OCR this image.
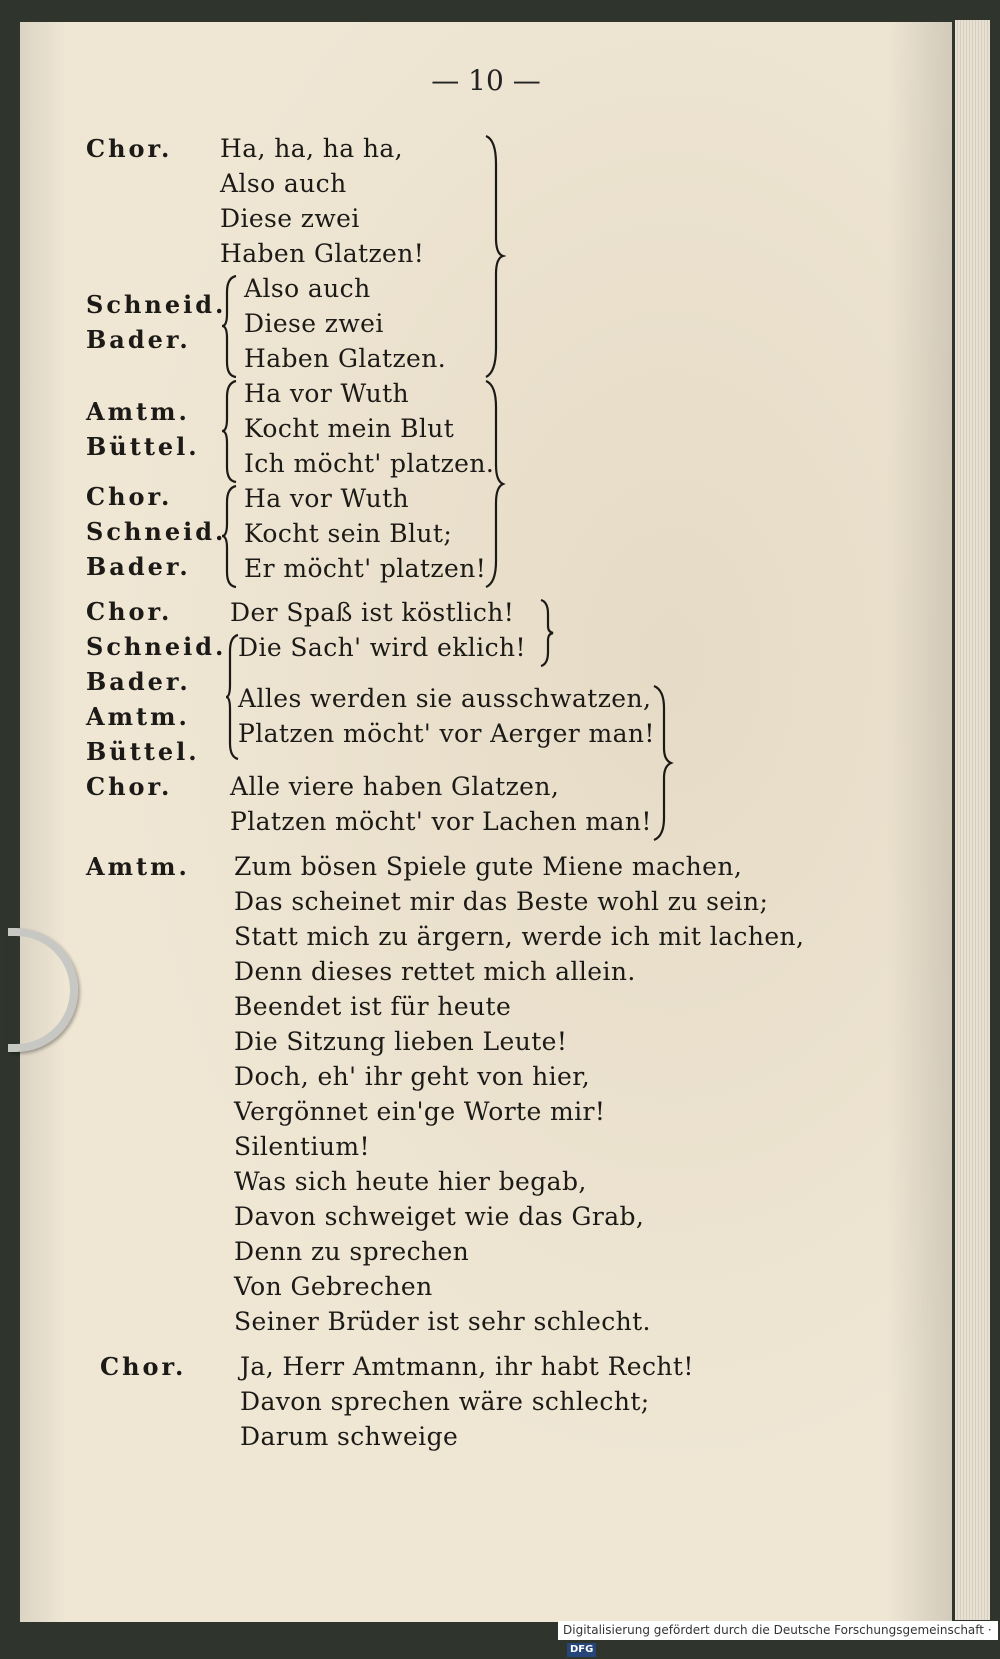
— 10 —
Chor.
Schneid.
Bader.
Amtm.
Büttel.
Chor.
Schneid.
Bader.
Chor.
Schneid.
Bader.
Amtm.
Büttel.
Chor.
Amtm.
Chor.
Ha, ha, ha ha,
Also auch
Diese zwei
Haben Glatzen!
Also auch
Diese zwei
Haben Glatzen.
Ha vor Wuth
Kocht mein Blut
Ich möcht' platzen.
Ha vor Wuth
Kocht sein Blut;
Er möcht' platzen!
Der Spaß ist köstlich!
Die Sach' wird eklich!
Alles werden sie ausschwatzen,
Platzen möcht' vor Aerger man!
Alle viere haben Glatzen,
Platzen möcht' vor Lachen man!
Zum bösen Spiele gute Miene machen,
Das scheinet mir das Beste wohl zu sein;
Statt mich zu ärgern, werde ich mit lachen,
Denn dieses rettet mich allein.
Beendet ist für heute
Die Sitzung lieben Leute!
Doch, eh' ihr geht von hier,
Vergönnet ein'ge Worte mir!
Silentium!
Was sich heute hier begab,
Davon schweiget wie das Grab,
Denn zu sprechen
Von Gebrechen
Seiner Brüder ist sehr schlecht.
Ja, Herr Amtmann, ihr habt Recht!
Davon sprechen wäre schlecht;
Darum schweige
Digitalisierung gefördert durch die Deutsche Forschungsgemeinschaft ·DFG
